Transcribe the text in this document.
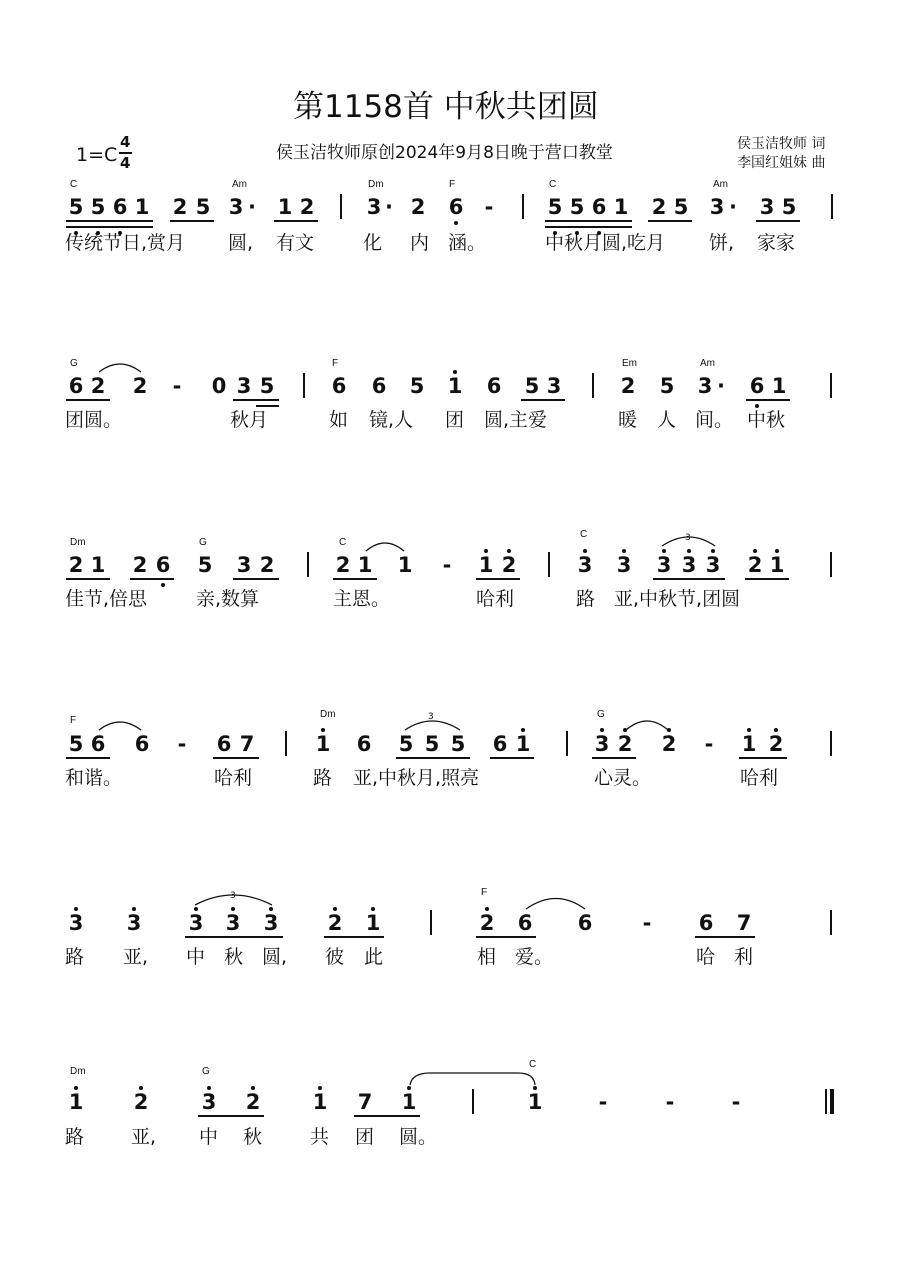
第1158首 中秋共团圆
1=C
4
4	侯玉洁牧师原创2024年9月8日晚于营口教堂	侯玉洁牧师 词
李国红姐妹 曲
C	Am	Dm	F	C	Am
5 5 6 1 2 5 3 ·	1 2 3 · 2 6	-	5 5 6 1 2 5 3 ·	3 5
传统节日,赏月 圆, 有文	化 内 涵。	中秋月圆,吃月 饼, 家家
G	F	Em	Am
6 2 2	-	0 3 5	6 6 5 1 6 5 3	2 5 3 ·	6 1
团圆。	秋月	如 镜,人 团 圆,主爱	暖 人 间。 中秋
Dm	G	C
C
2 1 2 6 5 3 2	2 1 1	-	1 2	3 3 3 3 3 2 1
3
佳节,倍思	亲,数算	主恩。	哈利	路 亚,中秋节,团圆
F
Dm	G
5 6 6	-	6 7	1 6 5 5 5 6 1	3 2 2	-	1 2
3
和谐。	哈利	路 亚,中秋月,照亮	心灵。	哈利
F
3 3 3 3 3 2 1	2 6 6	-	6 7
3
路 亚, 中 秋 圆, 彼 此	相 爱。	哈 利
Dm	G
C
1 2	3 2 1 7 1	1	-	-	-
路 亚, 中 秋	共 团 圆。
